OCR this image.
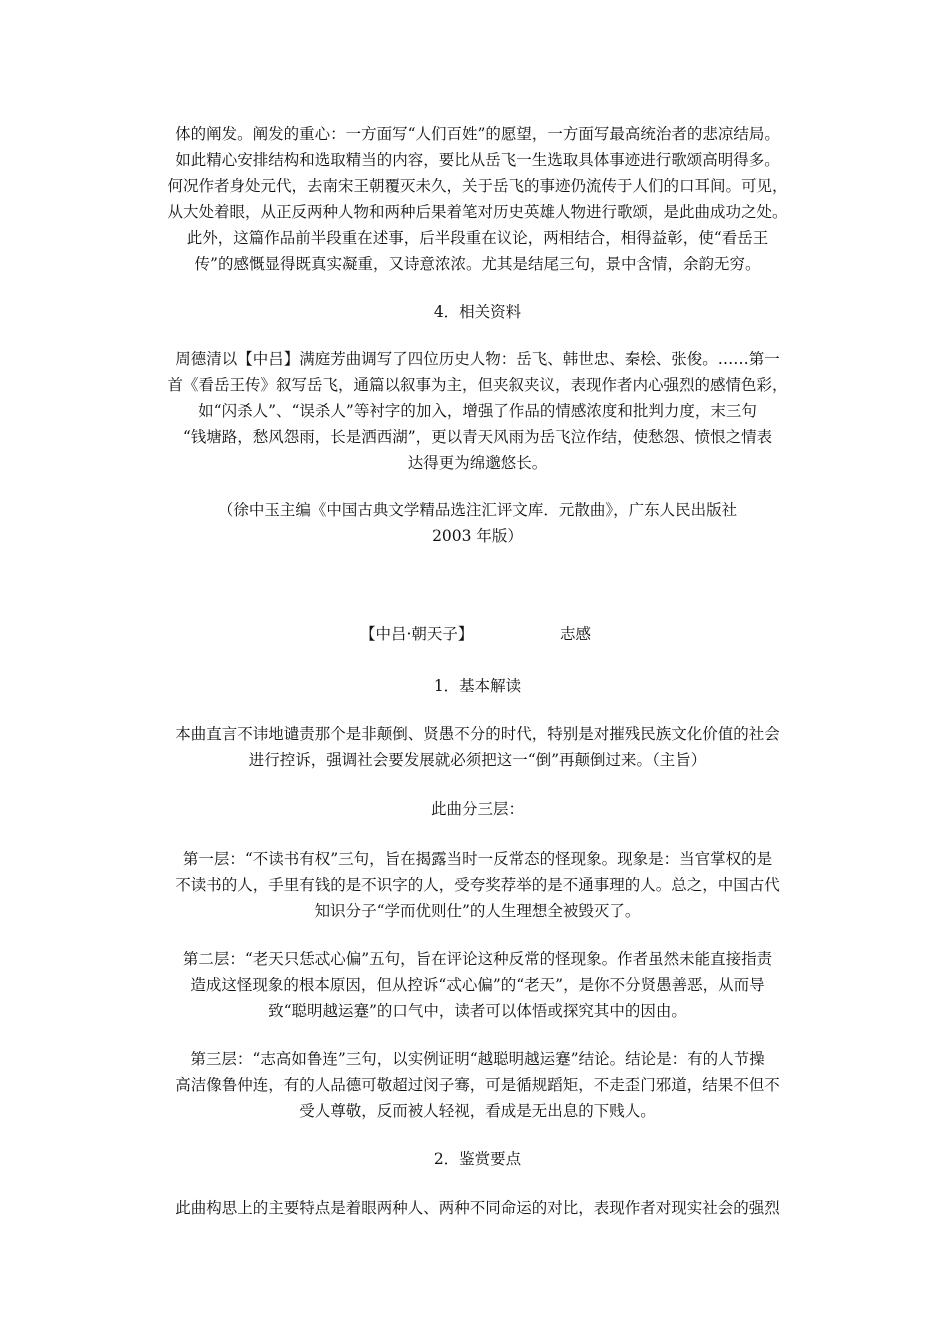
体的阐发。阐发的重心：一方面写“人们百姓”的愿望，一方面写最高统治者的悲凉结局。
如此精心安排结构和选取精当的内容，要比从岳飞一生选取具体事迹进行歌颂高明得多。
何况作者身处元代，去南宋王朝覆灭未久，关于岳飞的事迹仍流传于人们的口耳间。可见，
从大处着眼，从正反两种人物和两种后果着笔对历史英雄人物进行歌颂，是此曲成功之处。
此外，这篇作品前半段重在述事，后半段重在议论，两相结合，相得益彰，使“看岳王
传”的感慨显得既真实凝重，又诗意浓浓。尤其是结尾三句，景中含情，余韵无穷。
4．相关资料
周德清以【中吕】满庭芳曲调写了四位历史人物：岳飞、韩世忠、秦桧、张俊。……第一
首《看岳王传》叙写岳飞，通篇以叙事为主，但夹叙夹议，表现作者内心强烈的感情色彩，
如“闪杀人”、“误杀人”等衬字的加入，增强了作品的情感浓度和批判力度，末三句
“钱塘路，愁风怨雨，长是洒西湖”，更以青天风雨为岳飞泣作结，使愁怨、愤恨之情表
达得更为绵邈悠长。
（徐中玉主编《中国古典文学精品选注汇评文库．元散曲》，广东人民出版社
2003 年版）
【中吕·朝天子】	志感
1．基本解读
本曲直言不讳地谴责那个是非颠倒、贤愚不分的时代，特别是对摧残民族文化价值的社会
进行控诉，强调社会要发展就必须把这一“倒”再颠倒过来。（主旨）
此曲分三层：
第一层：“不读书有权”三句，旨在揭露当时一反常态的怪现象。现象是：当官掌权的是
不读书的人，手里有钱的是不识字的人，受夸奖荐举的是不通事理的人。总之，中国古代
知识分子“学而优则仕”的人生理想全被毁灭了。
第二层：“老天只恁忒心偏”五句，旨在评论这种反常的怪现象。作者虽然未能直接指责
造成这怪现象的根本原因，但从控诉“忒心偏”的“老天”，是你不分贤愚善恶，从而导
致“聪明越运蹇”的口气中，读者可以体悟或探究其中的因由。
第三层：“志高如鲁连”三句，以实例证明“越聪明越运蹇”结论。结论是：有的人节操
高洁像鲁仲连，有的人品德可敬超过闵子骞，可是循规蹈矩，不走歪门邪道，结果不但不
受人尊敬，反而被人轻视，看成是无出息的下贱人。
2．鉴赏要点
此曲构思上的主要特点是着眼两种人、两种不同命运的对比，表现作者对现实社会的强烈
